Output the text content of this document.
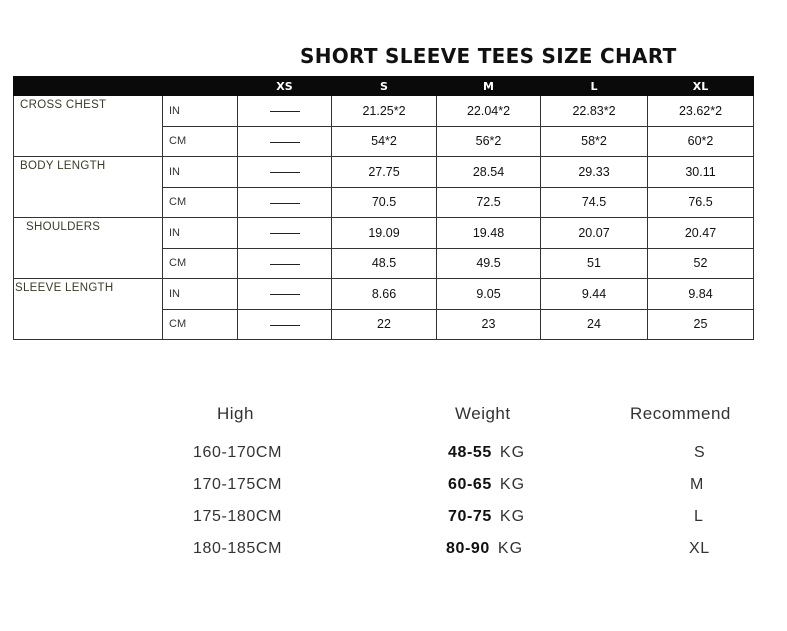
SHORT SLEEVE TEES SIZE CHART
		XS	S	M	L	XL
CROSS CHEST	IN		21.25*2	22.04*2	22.83*2	23.62*2
	CM		54*2	56*2	58*2	60*2
BODY LENGTH	IN		27.75	28.54	29.33	30.11
	CM		70.5	72.5	74.5	76.5
SHOULDERS	IN		19.09	19.48	20.07	20.47
	CM		48.5	49.5	51	52
SLEEVE LENGTH	IN		8.66	9.05	9.44	9.84
	CM		22	23	24	25
High	Weight	Recommend
160-170CM	48-55 KG	S
170-175CM	60-65 KG	M
175-180CM	70-75 KG	L
180-185CM	80-90 KG	XL
